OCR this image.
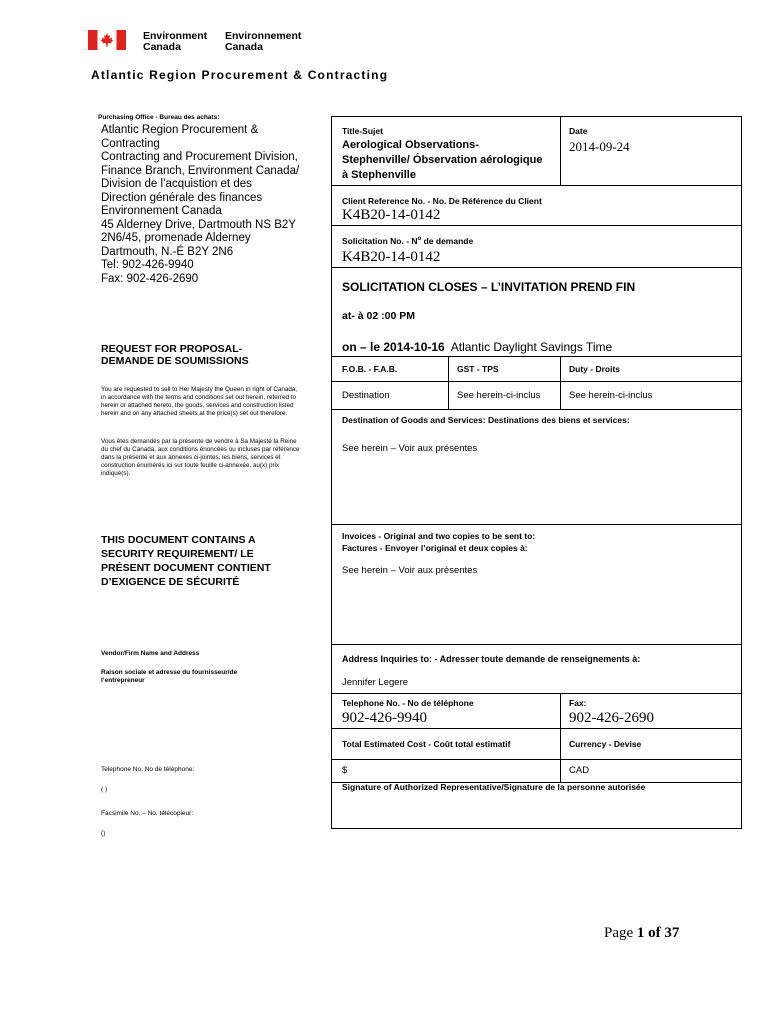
Environment
Canada
Environnement
Canada
Atlantic Region Procurement & Contracting
Purchasing Office - Bureau des achats:
Atlantic Region Procurement &
Contracting
Contracting and Procurement Division,
Finance Branch, Environment Canada/
Division de l’acquistion et des
Direction générale des finances
Environnement Canada
45 Alderney Drive, Dartmouth NS B2Y
2N6/45, promenade Alderney
Dartmouth, N.-É B2Y 2N6
Tel: 902-426-9940
Fax: 902-426-2690
REQUEST FOR PROPOSAL-
DEMANDE DE SOUMISSIONS
You are requested to sell to Her Majesty the Queen in right of Canada, in accordance with the terms and conditions set out herein, referred to herein or attached hereto, the goods, services and construction listed herein and on any attached sheets at the price(s) set out therefore.
Vous êtes demandés par la présente de vendre à Sa Majesté la Reine du chef du Canada, aux conditions énoncées ou incluses par référence dans la présente et aux annexes ci-jointes, les biens, services et construction énumérés ici sur toute feuille ci-annexée, au(x) prix indiqué(s).
THIS DOCUMENT CONTAINS A
SECURITY REQUIREMENT/ LE
PRÉSENT DOCUMENT CONTIENT
D’EXIGENCE DE SÉCURITÉ
Vendor/Firm Name and Address
Raison sociale et adresse du fournisseur/de
l’entrepreneur
Telephone No. No de téléphone:
( )
Facsimile No. – No. télécopieur:
()
Title-Sujet
Aerological Observations-
Stephenville/ Óbservation aérologique
à Stephenville
Date
2014-09-24
Client Reference No. - No. De Référence du Client
K4B20-14-0142
Solicitation No. - $N^o$ de demande
K4B20-14-0142
SOLICITATION CLOSES – L’INVITATION PREND FIN
at- à 02 :00 PM
on – le 2014-10-16 Atlantic Daylight Savings Time
F.O.B. - F.A.B.	GST - TPS	Duty - Droits
Destination	See herein-ci-inclus	See herein-ci-inclus
Destination of Goods and Services: Destinations des biens et services:
See herein – Voir aux présentes
Invoices - Original and two copies to be sent to:
Factures - Envoyer l’original et deux copies à:
See herein – Voir aux présentes
Address Inquiries to: - Adresser toute demande de renseignements à:
Jennifer Legere
Telephone No. - No de téléphone
902-426-9940
Fax:
902-426-2690
Total Estimated Cost - Coût total estimatif	Currency - Devise
$	CAD
Signature of Authorized Representative/Signature de la personne autorisée
Page 1 of 37
